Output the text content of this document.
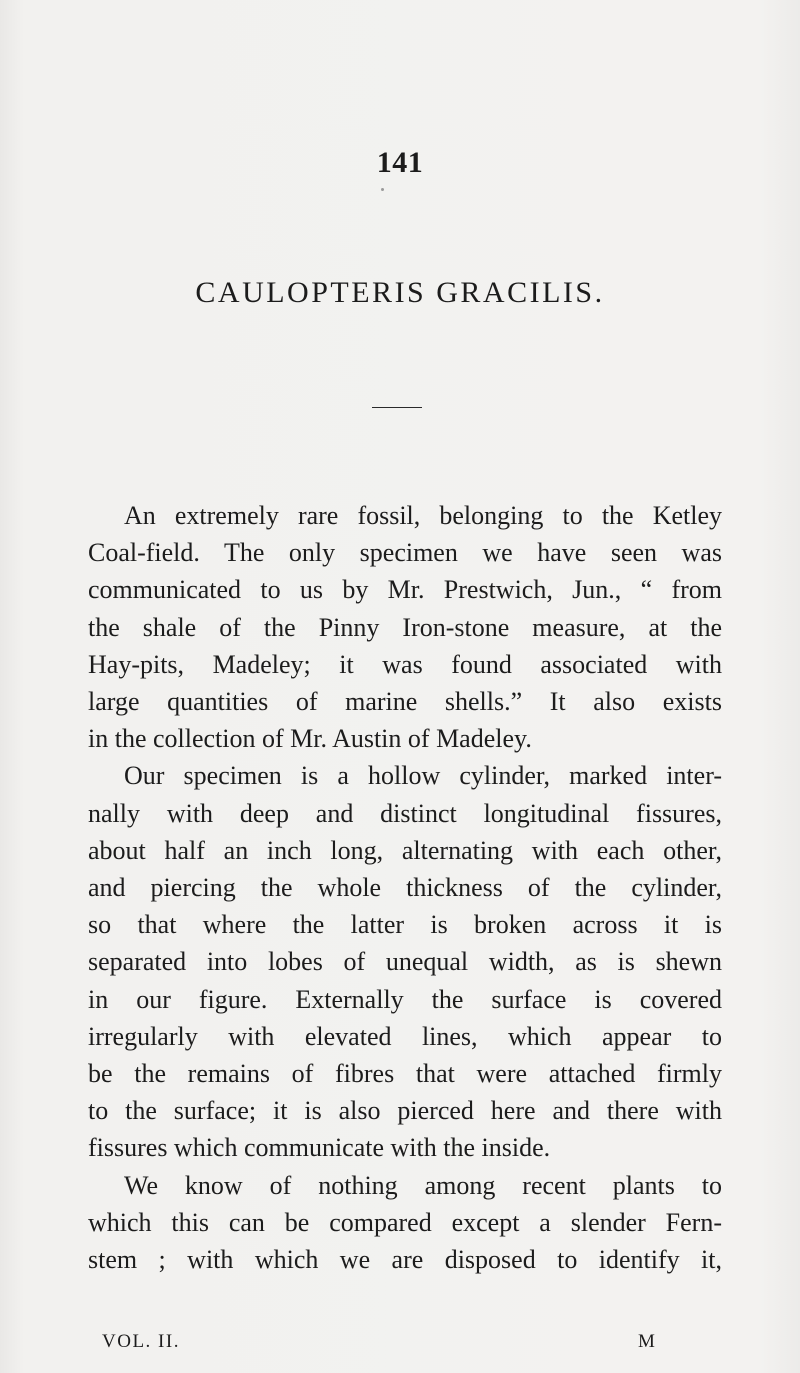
141
CAULOPTERIS GRACILIS.
An extremely rare fossil, belonging to the Ketley
Coal-field. The only specimen we have seen was
communicated to us by Mr. Prestwich, Jun., “ from
the shale of the Pinny Iron-stone measure, at the
Hay-pits, Madeley; it was found associated with
large quantities of marine shells.” It also exists
in the collection of Mr. Austin of Madeley.
Our specimen is a hollow cylinder, marked inter-
nally with deep and distinct longitudinal fissures,
about half an inch long, alternating with each other,
and piercing the whole thickness of the cylinder,
so that where the latter is broken across it is
separated into lobes of unequal width, as is shewn
in our figure. Externally the surface is covered
irregularly with elevated lines, which appear to
be the remains of fibres that were attached firmly
to the surface; it is also pierced here and there with
fissures which communicate with the inside.
We know of nothing among recent plants to
which this can be compared except a slender Fern-
stem ; with which we are disposed to identify it,
VOL. II.	M
